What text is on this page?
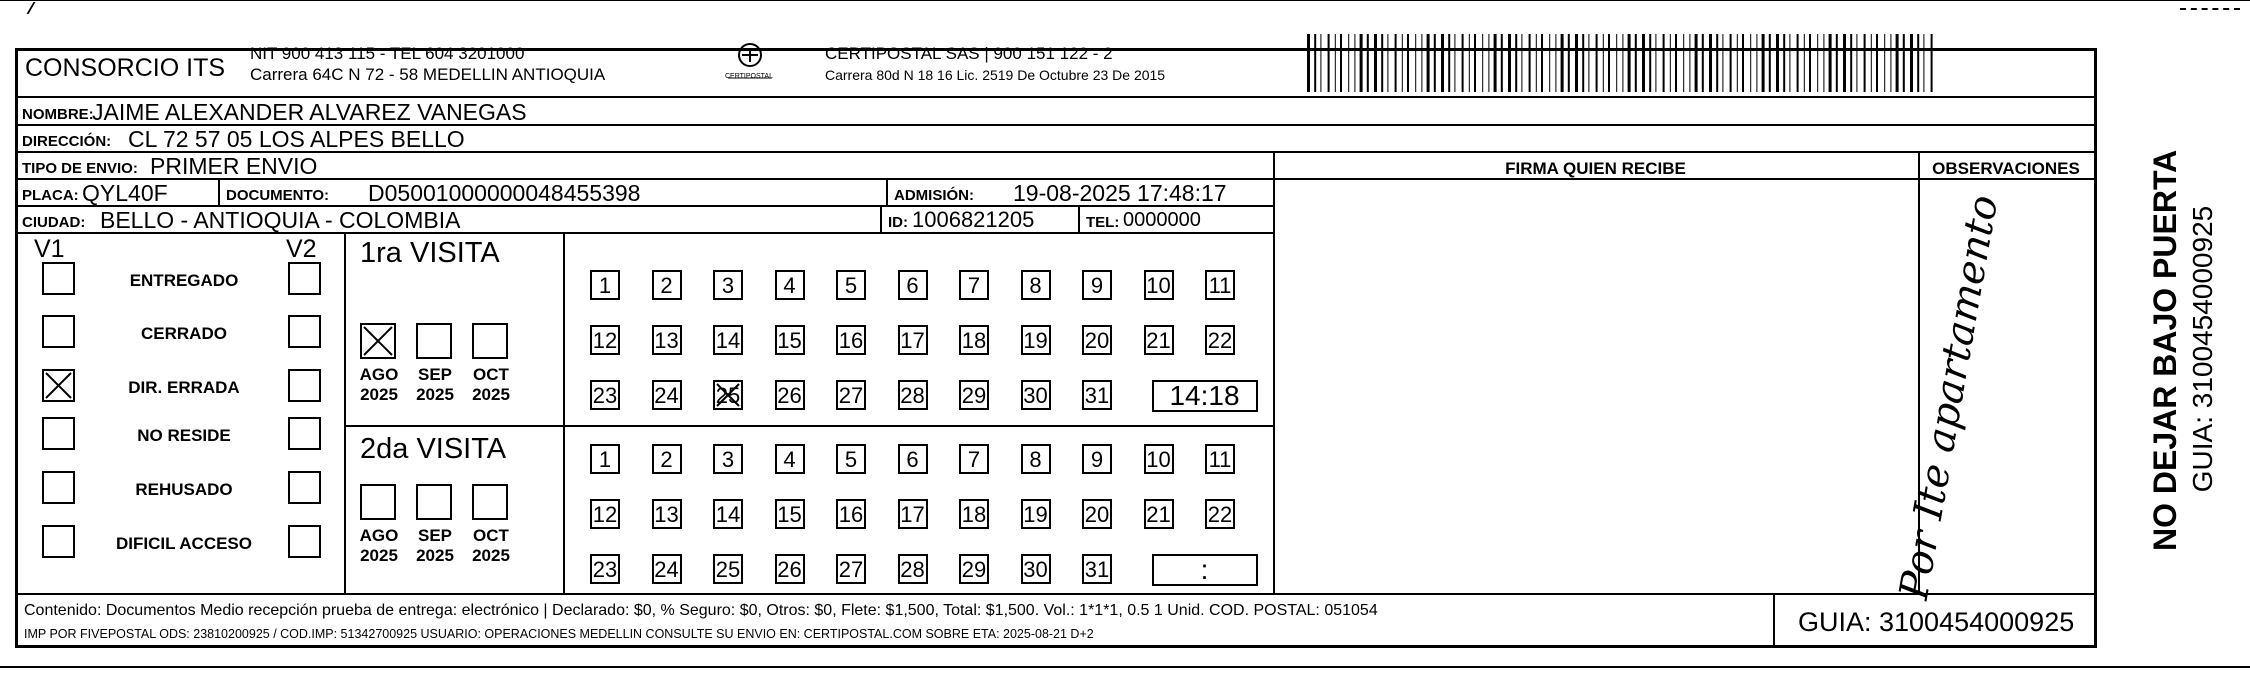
CONSORCIO ITS
NIT 900 413 115 - TEL 604 3201000
Carrera 64C N 72 - 58 MEDELLIN ANTIOQUIA	CERTIPOSTAL
CERTIPOSTAL SAS | 900 151 122 - 2
Carrera 80d N 18 16 Lic. 2519 De Octubre 23 De 2015
NOMBRE:
JAIME ALEXANDER ALVAREZ VANEGAS
DIRECCIÓN: CL 72 57 05 LOS ALPES BELLO
TIPO DE ENVIO: PRIMER ENVIO	FIRMA QUIEN RECIBE	OBSERVACIONES
PLACA: QYL40F	DOCUMENTO: D05001000000048455398	ADMISIÓN: 19-08-2025 17:48:17
CIUDAD: BELLO - ANTIOQUIA - COLOMBIA	ID: 1006821205	TEL: 0000000
V1	V2
ENTREGADO
CERRADO
DIR. ERRADA
NO RESIDE
REHUSADO
DIFICIL ACCESO
1ra VISITA
AGO
2025
SEP
2025
OCT
2025
1	2	3	4	5	6	7	8	9	10 11
12 13 14 15 16 17 18 19 20 21 22
23 24 25 26 27 28 29 30 31	14:18
2da VISITA
AGO
2025
SEP
2025
OCT
2025
1	2	3	4	5	6	7	8	9	10 11
12 13 14 15 16 17 18 19 20 21 22
23 24 25 26 27 28 29 30 31	:	Por Ite apartamento
Contenido: Documentos Medio recepción prueba de entrega: electrónico | Declarado: $0, % Seguro: $0, Otros: $0, Flete: $1,500, Total: $1,500. Vol.: 1*1*1, 0.5 1 Unid. COD. POSTAL: 051054
IMP POR FIVEPOSTAL ODS: 23810200925 / COD.IMP: 51342700925 USUARIO: OPERACIONES MEDELLIN CONSULTE SU ENVIO EN: CERTIPOSTAL.COM SOBRE ETA: 2025-08-21 D+2	GUIA: 3100454000925
NO DEJAR BAJO PUERTA GUIA: 3100454000925
